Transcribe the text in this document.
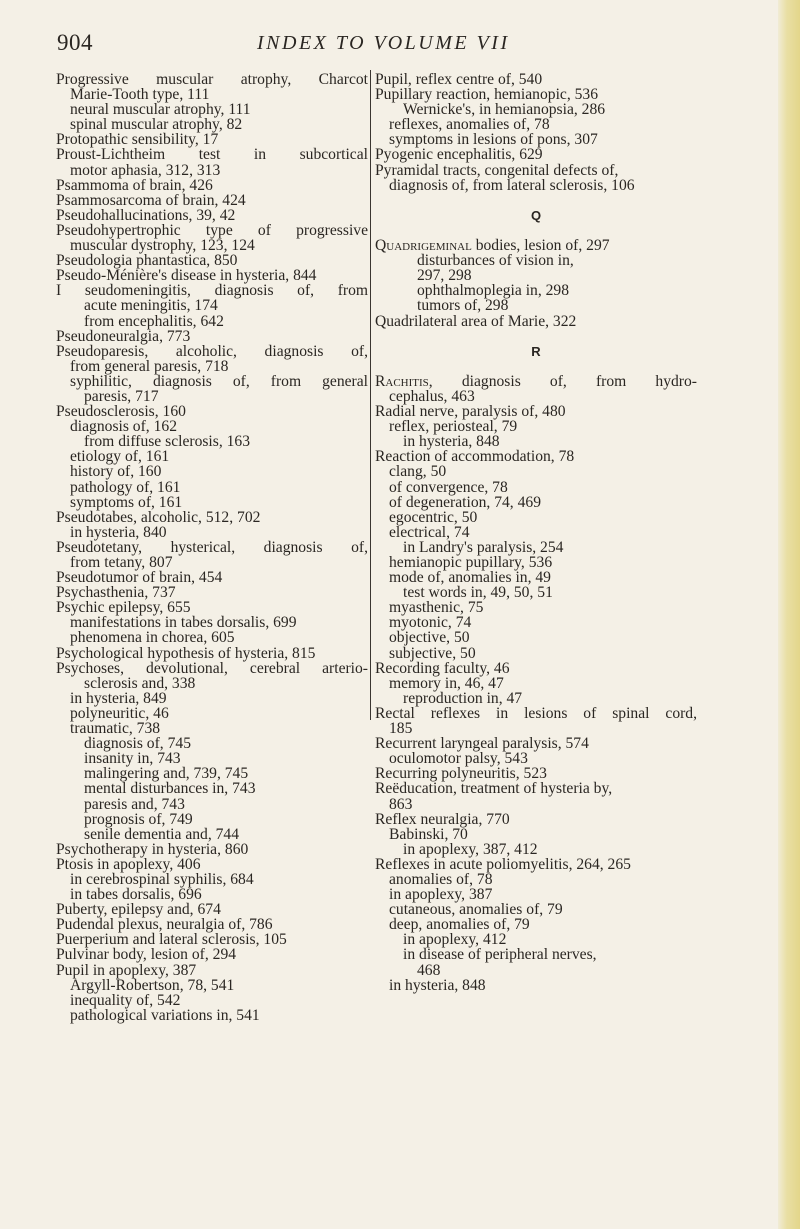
904	INDEX TO VOLUME VII
Progressive muscular atrophy, Charcot
Marie-Tooth type, 111
neural muscular atrophy, 111
spinal muscular atrophy, 82
Protopathic sensibility, 17
Proust-Lichtheim test in subcortical
motor aphasia, 312, 313
Psammoma of brain, 426
Psammosarcoma of brain, 424
Pseudohallucinations, 39, 42
Pseudohypertrophic type of progressive
muscular dystrophy, 123, 124
Pseudologia phantastica, 850
Pseudo-Ménière's disease in hysteria, 844
I seudomeningitis, diagnosis of, from
acute meningitis, 174
from encephalitis, 642
Pseudoneuralgia, 773
Pseudoparesis, alcoholic, diagnosis of,
from general paresis, 718
syphilitic, diagnosis of, from general
paresis, 717
Pseudosclerosis, 160
diagnosis of, 162
from diffuse sclerosis, 163
etiology of, 161
history of, 160
pathology of, 161
symptoms of, 161
Pseudotabes, alcoholic, 512, 702
in hysteria, 840
Pseudotetany, hysterical, diagnosis of,
from tetany, 807
Pseudotumor of brain, 454
Psychasthenia, 737
Psychic epilepsy, 655
manifestations in tabes dorsalis, 699
phenomena in chorea, 605
Psychological hypothesis of hysteria, 815
Psychoses, devolutional, cerebral arterio-
sclerosis and, 338
in hysteria, 849
polyneuritic, 46
traumatic, 738
diagnosis of, 745
insanity in, 743
malingering and, 739, 745
mental disturbances in, 743
paresis and, 743
prognosis of, 749
senile dementia and, 744
Psychotherapy in hysteria, 860
Ptosis in apoplexy, 406
in cerebrospinal syphilis, 684
in tabes dorsalis, 696
Puberty, epilepsy and, 674
Pudendal plexus, neuralgia of, 786
Puerperium and lateral sclerosis, 105
Pulvinar body, lesion of, 294
Pupil in apoplexy, 387
Argyll-Robertson, 78, 541
inequality of, 542
pathological variations in, 541
Pupil, reflex centre of, 540
Pupillary reaction, hemianopic, 536
Wernicke's, in hemianopsia, 286
reflexes, anomalies of, 78
symptoms in lesions of pons, 307
Pyogenic encephalitis, 629
Pyramidal tracts, congenital defects of,
diagnosis of, from lateral sclerosis, 106
Q
Quadrigeminal bodies, lesion of, 297
disturbances of vision in,
297, 298
ophthalmoplegia in, 298
tumors of, 298
Quadrilateral area of Marie, 322
R
Rachitis, diagnosis of, from hydro-
cephalus, 463
Radial nerve, paralysis of, 480
reflex, periosteal, 79
in hysteria, 848
Reaction of accommodation, 78
clang, 50
of convergence, 78
of degeneration, 74, 469
egocentric, 50
electrical, 74
in Landry's paralysis, 254
hemianopic pupillary, 536
mode of, anomalies in, 49
test words in, 49, 50, 51
myasthenic, 75
myotonic, 74
objective, 50
subjective, 50
Recording faculty, 46
memory in, 46, 47
reproduction in, 47
Rectal reflexes in lesions of spinal cord,
185
Recurrent laryngeal paralysis, 574
oculomotor palsy, 543
Recurring polyneuritis, 523
Reëducation, treatment of hysteria by,
863
Reflex neuralgia, 770
Babinski, 70
in apoplexy, 387, 412
Reflexes in acute poliomyelitis, 264, 265
anomalies of, 78
in apoplexy, 387
cutaneous, anomalies of, 79
deep, anomalies of, 79
in apoplexy, 412
in disease of peripheral nerves,
468
in hysteria, 848
